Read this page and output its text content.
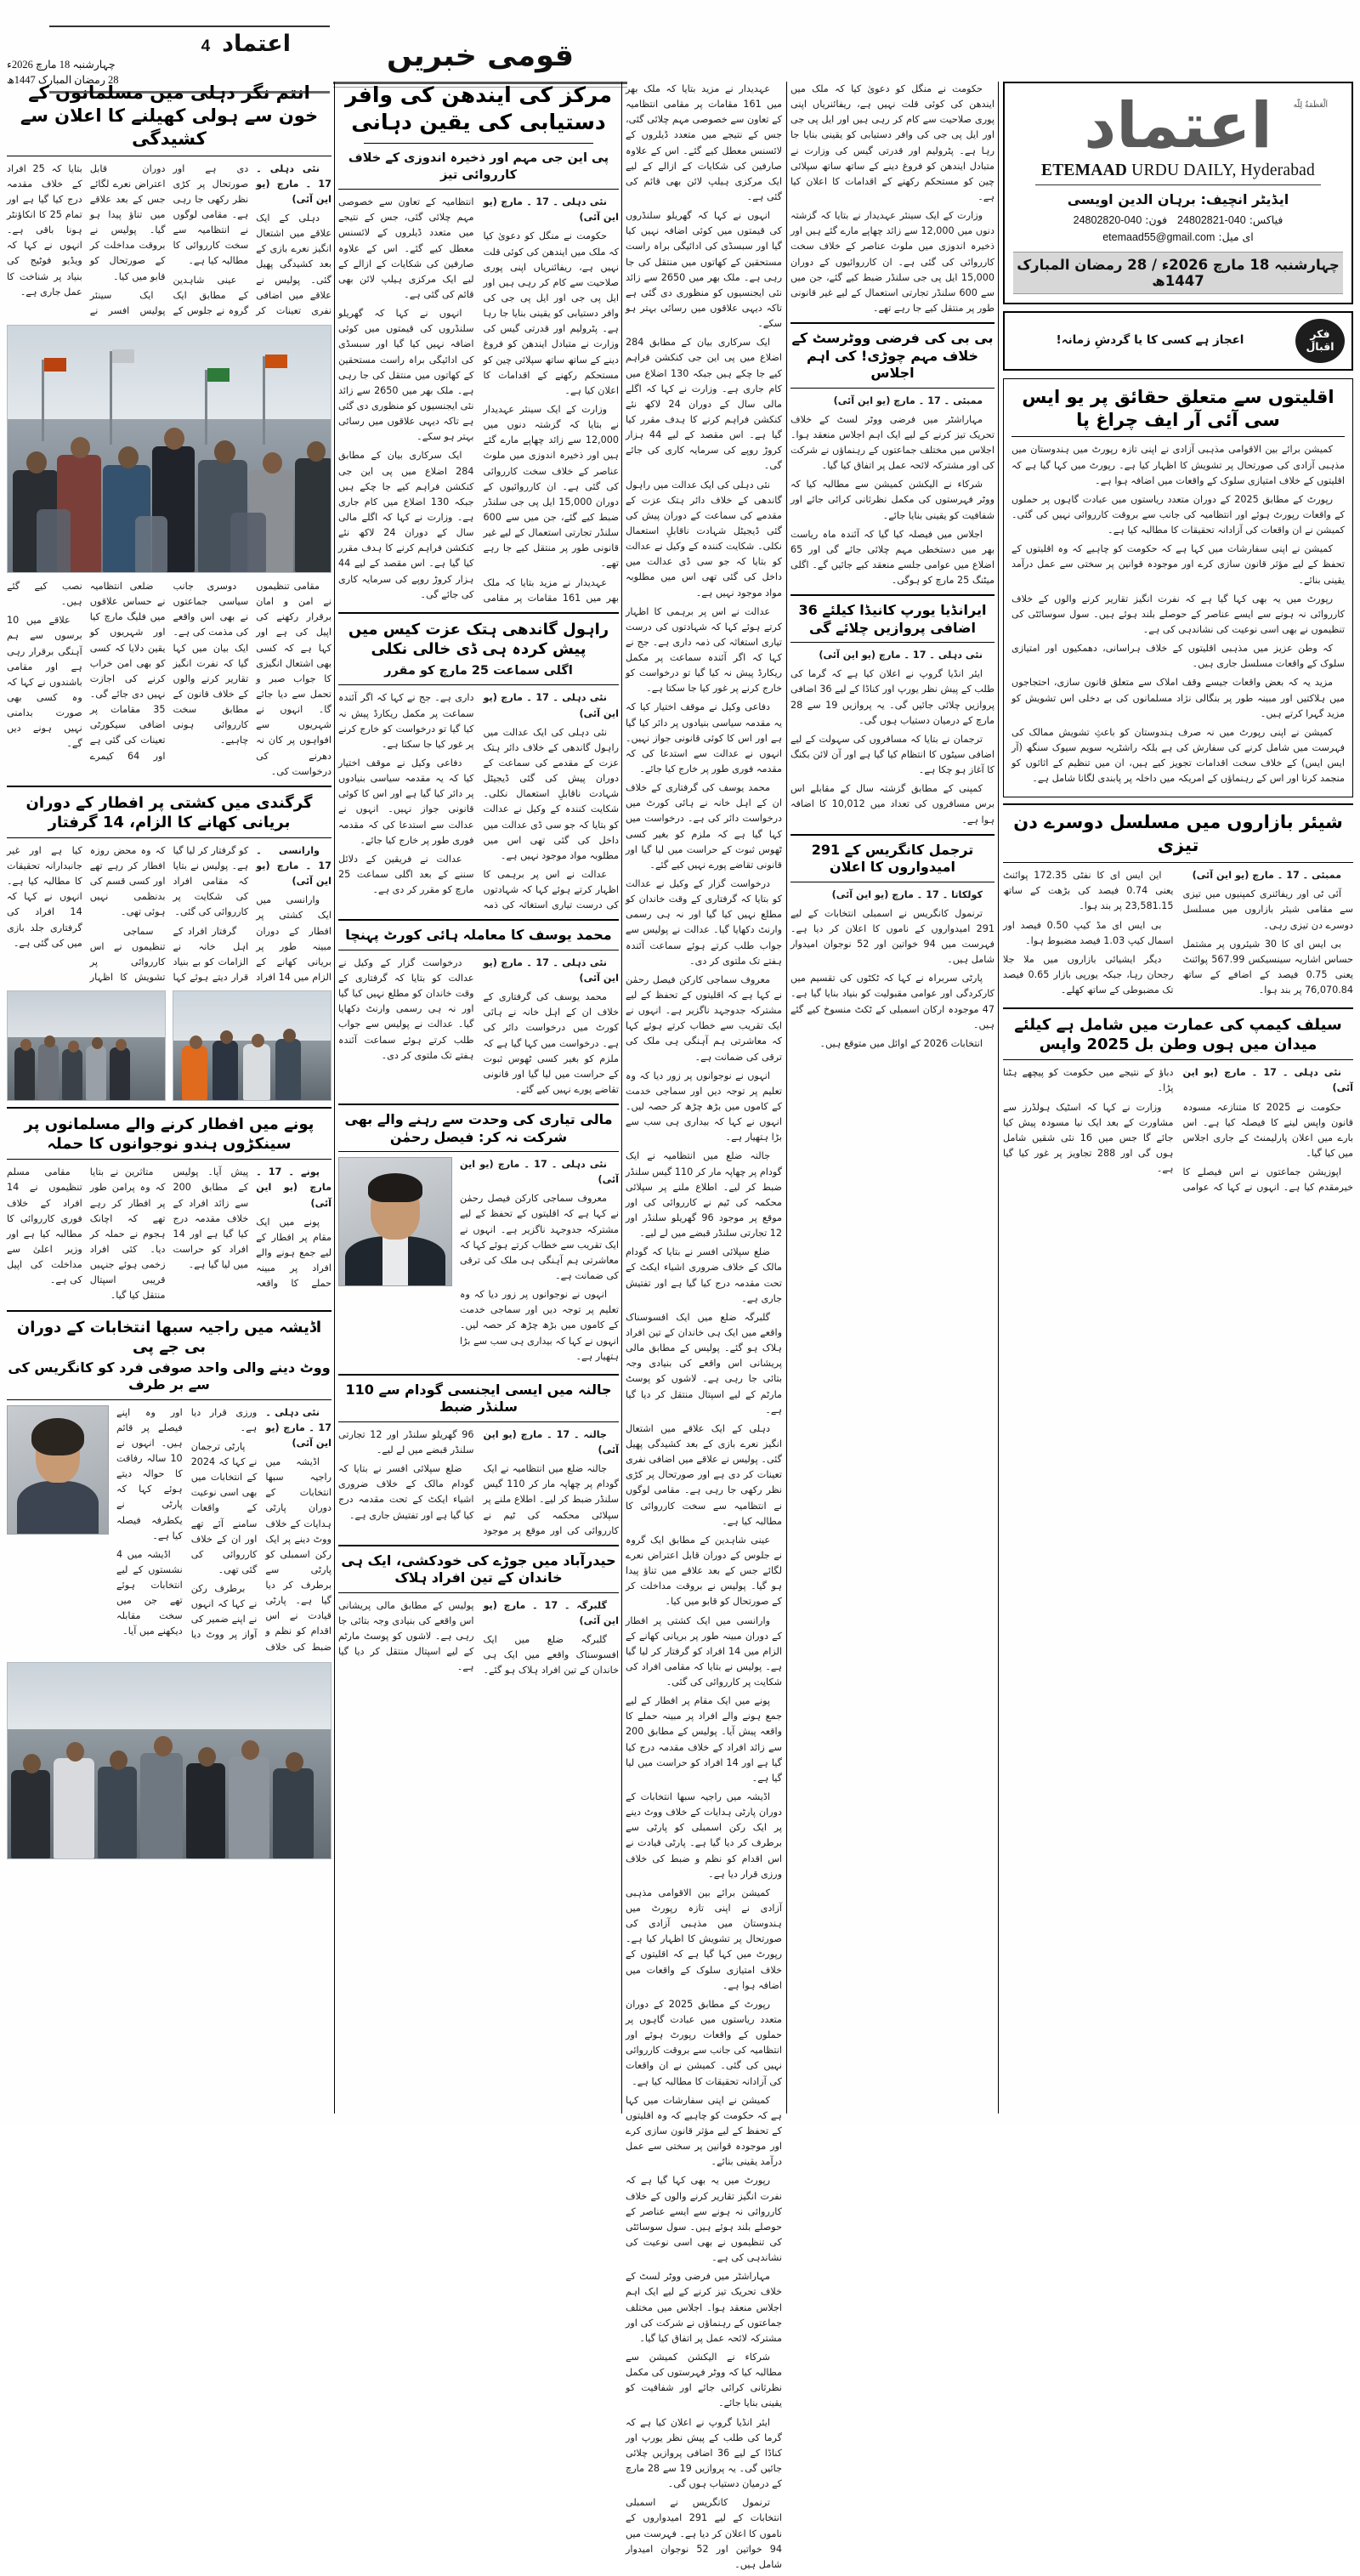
اعتماد
4
چہارشنبہ 18 مارچ 2026ء
28 رمضان المبارک 1447ھ
قومی خبریں
انتم نگر دہلی میں مسلمانوں کے خون سے ہولی کھیلنے کا اعلان سے کشیدگی

نئی دہلی ۔ 17 ۔ مارچ (یو این آئی)

دہلی کے ایک علاقے میں اشتعال انگیز نعرے بازی کے بعد کشیدگی پھیل گئی۔ پولیس نے علاقے میں اضافی نفری تعینات کر دی ہے اور صورتحال پر کڑی نظر رکھی جا رہی ہے۔ مقامی لوگوں نے انتظامیہ سے سخت کارروائی کا مطالبہ کیا ہے۔

عینی شاہدین کے مطابق ایک گروہ نے جلوس کے دوران قابل اعتراض نعرے لگائے جس کے بعد علاقے میں تناؤ پیدا ہو گیا۔ پولیس نے بروقت مداخلت کر کے صورتحال کو قابو میں کیا۔

ایک سینئر پولیس افسر نے بتایا کہ 25 افراد کے خلاف مقدمہ درج کیا گیا ہے اور تمام 25 کا انکاؤنٹر ہونا باقی ہے۔ انہوں نے کہا کہ ویڈیو فوٹیج کی بنیاد پر شناخت کا عمل جاری ہے۔

مقامی تنظیموں نے امن و امان برقرار رکھنے کی اپیل کی ہے اور کہا ہے کہ کسی بھی اشتعال انگیزی کا جواب صبر و تحمل سے دیا جائے گا۔ انہوں نے شہریوں سے افواہوں پر کان نہ دھرنے کی درخواست کی۔

دوسری جانب سیاسی جماعتوں نے بھی اس واقعے کی مذمت کی ہے۔ ایک بیان میں کہا گیا کہ نفرت انگیز تقاریر کرنے والوں کے خلاف قانون کے مطابق سخت کارروائی ہونی چاہیے۔

ضلعی انتظامیہ نے حساس علاقوں میں فلیگ مارچ کیا اور شہریوں کو یقین دلایا کہ کسی کو بھی امن خراب کرنے کی اجازت نہیں دی جائے گی۔ 35 مقامات پر اضافی سیکورٹی تعینات کی گئی ہے اور 64 کیمرے نصب کیے گئے ہیں۔

علاقے میں 10 برسوں سے ہم آہنگی برقرار رہی ہے اور مقامی باشندوں نے کہا کہ وہ کسی بھی صورت بدامنی نہیں ہونے دیں گے۔

گرگندی میں کشتی پر افطار کے دوران بریانی کھانے کا الزام، 14 گرفتار

وارانسی ۔ 17 ۔ مارچ (یو این آئی)

وارانسی میں ایک کشتی پر افطار کے دوران مبینہ طور پر بریانی کھانے کے الزام میں 14 افراد کو گرفتار کر لیا گیا ہے۔ پولیس نے بتایا کہ مقامی افراد کی شکایت پر کارروائی کی گئی۔

گرفتار افراد کے اہل خانہ نے الزامات کو بے بنیاد قرار دیتے ہوئے کہا کہ وہ محض روزہ افطار کر رہے تھے اور کسی قسم کی بدنظمی نہیں ہوئی تھی۔

سماجی تنظیموں نے اس کارروائی پر تشویش کا اظہار کیا ہے اور غیر جانبدارانہ تحقیقات کا مطالبہ کیا ہے۔ انہوں نے کہا کہ 14 افراد کی گرفتاری جلد بازی میں کی گئی ہے۔

پونے میں افطار کرنے والے مسلمانوں پر سینکڑوں ہندو نوجوانوں کا حملہ

پونے ۔ 17 ۔ مارچ (یو این آئی)

پونے میں ایک مقام پر افطار کے لیے جمع ہونے والے افراد پر مبینہ حملے کا واقعہ پیش آیا۔ پولیس کے مطابق 200 سے زائد افراد کے خلاف مقدمہ درج کیا گیا ہے اور 14 افراد کو حراست میں لیا گیا ہے۔

متاثرین نے بتایا کہ وہ پرامن طور پر افطار کر رہے تھے کہ اچانک ہجوم نے حملہ کر دیا۔ کئی افراد زخمی ہوئے جنہیں قریبی اسپتال منتقل کیا گیا۔

مقامی مسلم تنظیموں نے 14 افراد کے خلاف فوری کارروائی کا مطالبہ کیا ہے اور وزیر اعلیٰ سے مداخلت کی اپیل کی ہے۔

اڈیشہ میں راجیہ سبھا انتخابات کے دوران بی جے پی
ووٹ دینے والی واحد صوفی فرد کو کانگریس کی سے بر طرف

نئی دہلی ۔ 17 ۔ مارچ (یو این آئی)

اڈیشہ میں راجیہ سبھا انتخابات کے دوران پارٹی ہدایات کے خلاف ووٹ دینے پر ایک رکن اسمبلی کو پارٹی سے برطرف کر دیا گیا ہے۔ پارٹی قیادت نے اس اقدام کو نظم و ضبط کی خلاف ورزی قرار دیا ہے۔

پارٹی ترجمان نے کہا کہ 2024 کے انتخابات میں بھی اسی نوعیت کے واقعات سامنے آئے تھے اور ان کے خلاف کارروائی کی گئی تھی۔

برطرف رکن نے کہا کہ انہوں نے اپنے ضمیر کی آواز پر ووٹ دیا اور وہ اپنے فیصلے پر قائم ہیں۔ انہوں نے 10 سالہ رفاقت کا حوالہ دیتے ہوئے کہا کہ پارٹی نے یکطرفہ فیصلہ کیا ہے۔

اڈیشہ میں 4 نشستوں کے لیے انتخابات ہوئے تھے جن میں سخت مقابلہ دیکھنے میں آیا۔

مرکز کی ایندھن کی وافر دستیابی کی یقین دہانی
پی این جی مہم اور ذخیرہ اندوزی کے خلاف کارروائی تیز

نئی دہلی ۔ 17 ۔ مارچ (یو این آئی)

حکومت نے منگل کو دعویٰ کیا کہ ملک میں ایندھن کی کوئی قلت نہیں ہے، ریفائنریاں اپنی پوری صلاحیت سے کام کر رہی ہیں اور ایل پی جی اور ایل پی جی کی وافر دستیابی کو یقینی بنایا جا رہا ہے۔ پٹرولیم اور قدرتی گیس کی وزارت نے متبادل ایندھن کو فروغ دینے کے ساتھ ساتھ سپلائی چین کو مستحکم رکھنے کے اقدامات کا اعلان کیا ہے۔

وزارت کے ایک سینئر عہدیدار نے بتایا کہ گزشتہ دنوں میں 12,000 سے زائد چھاپے مارے گئے ہیں اور ذخیرہ اندوزی میں ملوث عناصر کے خلاف سخت کارروائی کی گئی ہے۔ ان کارروائیوں کے دوران 15,000 ایل پی جی سلنڈر ضبط کیے گئے، جن میں سے 600 سلنڈر تجارتی استعمال کے لیے غیر قانونی طور پر منتقل کیے جا رہے تھے۔

عہدیدار نے مزید بتایا کہ ملک بھر میں 161 مقامات پر مقامی انتظامیہ کے تعاون سے خصوصی مہم چلائی گئی، جس کے نتیجے میں متعدد ڈیلروں کے لائسنس معطل کیے گئے۔ اس کے علاوہ صارفین کی شکایات کے ازالے کے لیے ایک مرکزی ہیلپ لائن بھی قائم کی گئی ہے۔

انہوں نے کہا کہ گھریلو سلنڈروں کی قیمتوں میں کوئی اضافہ نہیں کیا گیا اور سبسڈی کی ادائیگی براہ راست مستحقین کے کھاتوں میں منتقل کی جا رہی ہے۔ ملک بھر میں 2650 سے زائد نئی ایجنسیوں کو منظوری دی گئی ہے تاکہ دیہی علاقوں میں رسائی بہتر ہو سکے۔

ایک سرکاری بیان کے مطابق 284 اضلاع میں پی این جی کنکشن فراہم کیے جا چکے ہیں جبکہ 130 اضلاع میں کام جاری ہے۔ وزارت نے کہا کہ اگلے مالی سال کے دوران 24 لاکھ نئے کنکشن فراہم کرنے کا ہدف مقرر کیا گیا ہے۔ اس مقصد کے لیے 44 ہزار کروڑ روپے کی سرمایہ کاری کی جائے گی۔

راہول گاندھی ہتک عزت کیس میں پیش کردہ ہی ڈی خالی نکلی
اگلی سماعت 25 مارچ کو مقرر

نئی دہلی ۔ 17 ۔ مارچ (یو این آئی)

نئی دہلی کی ایک عدالت میں راہول گاندھی کے خلاف دائر ہتک عزت کے مقدمے کی سماعت کے دوران پیش کی گئی ڈیجیٹل شہادت ناقابلِ استعمال نکلی۔ شکایت کنندہ کے وکیل نے عدالت کو بتایا کہ جو سی ڈی عدالت میں داخل کی گئی تھی اس میں مطلوبہ مواد موجود نہیں ہے۔

عدالت نے اس پر برہمی کا اظہار کرتے ہوئے کہا کہ شہادتوں کی درست تیاری استغاثہ کی ذمہ داری ہے۔ جج نے کہا کہ اگر آئندہ سماعت پر مکمل ریکارڈ پیش نہ کیا گیا تو درخواست کو خارج کرنے پر غور کیا جا سکتا ہے۔

دفاعی وکیل نے موقف اختیار کیا کہ یہ مقدمہ سیاسی بنیادوں پر دائر کیا گیا ہے اور اس کا کوئی قانونی جواز نہیں۔ انہوں نے عدالت سے استدعا کی کہ مقدمہ فوری طور پر خارج کیا جائے۔

عدالت نے فریقین کے دلائل سننے کے بعد اگلی سماعت 25 مارچ کو مقرر کر دی ہے۔

محمد یوسف کا معاملہ ہائی کورٹ پہنچا

نئی دہلی ۔ 17 ۔ مارچ (یو این آئی)

محمد یوسف کی گرفتاری کے خلاف ان کے اہل خانہ نے ہائی کورٹ میں درخواست دائر کی ہے۔ درخواست میں کہا گیا ہے کہ ملزم کو بغیر کسی ٹھوس ثبوت کے حراست میں لیا گیا اور قانونی تقاضے پورے نہیں کیے گئے۔

درخواست گزار کے وکیل نے عدالت کو بتایا کہ گرفتاری کے وقت خاندان کو مطلع نہیں کیا گیا اور نہ ہی رسمی وارنٹ دکھایا گیا۔ عدالت نے پولیس سے جواب طلب کرتے ہوئے سماعت آئندہ ہفتے تک ملتوی کر دی۔

مالی تیاری کی وحدت سے رہنے والے بھی شرکت نہ کر: فیصل رحمٰن

نئی دہلی ۔ 17 ۔ مارچ (یو این آئی)

معروف سماجی کارکن فیصل رحمٰن نے کہا ہے کہ اقلیتوں کے تحفظ کے لیے مشترکہ جدوجہد ناگزیر ہے۔ انہوں نے ایک تقریب سے خطاب کرتے ہوئے کہا کہ معاشرتی ہم آہنگی ہی ملک کی ترقی کی ضمانت ہے۔

انہوں نے نوجوانوں پر زور دیا کہ وہ تعلیم پر توجہ دیں اور سماجی خدمت کے کاموں میں بڑھ چڑھ کر حصہ لیں۔ انہوں نے کہا کہ بیداری ہی سب سے بڑا ہتھیار ہے۔

جالنہ میں ایسی ایجنسی گودام سے 110 سلنڈر ضبط

جالنہ ۔ 17 ۔ مارچ (یو این آئی)

جالنہ ضلع میں انتظامیہ نے ایک گودام پر چھاپہ مار کر 110 گیس سلنڈر ضبط کر لیے۔ اطلاع ملنے پر سپلائی محکمہ کی ٹیم نے کارروائی کی اور موقع پر موجود 96 گھریلو سلنڈر اور 12 تجارتی سلنڈر قبضے میں لے لیے۔

ضلع سپلائی افسر نے بتایا کہ گودام مالک کے خلاف ضروری اشیاء ایکٹ کے تحت مقدمہ درج کیا گیا ہے اور تفتیش جاری ہے۔

حیدرآباد میں جوڑے کی خودکشی، ایک ہی خاندان کے تین افراد ہلاک

گلبرگہ ۔ 17 ۔ مارچ (یو این آئی)

گلبرگہ ضلع میں ایک افسوسناک واقعے میں ایک ہی خاندان کے تین افراد ہلاک ہو گئے۔ پولیس کے مطابق مالی پریشانی اس واقعے کی بنیادی وجہ بتائی جا رہی ہے۔ لاشوں کو پوسٹ مارٹم کے لیے اسپتال منتقل کر دیا گیا ہے۔

عہدیدار نے مزید بتایا کہ ملک بھر میں 161 مقامات پر مقامی انتظامیہ کے تعاون سے خصوصی مہم چلائی گئی، جس کے نتیجے میں متعدد ڈیلروں کے لائسنس معطل کیے گئے۔ اس کے علاوہ صارفین کی شکایات کے ازالے کے لیے ایک مرکزی ہیلپ لائن بھی قائم کی گئی ہے۔

انہوں نے کہا کہ گھریلو سلنڈروں کی قیمتوں میں کوئی اضافہ نہیں کیا گیا اور سبسڈی کی ادائیگی براہ راست مستحقین کے کھاتوں میں منتقل کی جا رہی ہے۔ ملک بھر میں 2650 سے زائد نئی ایجنسیوں کو منظوری دی گئی ہے تاکہ دیہی علاقوں میں رسائی بہتر ہو سکے۔

ایک سرکاری بیان کے مطابق 284 اضلاع میں پی این جی کنکشن فراہم کیے جا چکے ہیں جبکہ 130 اضلاع میں کام جاری ہے۔ وزارت نے کہا کہ اگلے مالی سال کے دوران 24 لاکھ نئے کنکشن فراہم کرنے کا ہدف مقرر کیا گیا ہے۔ اس مقصد کے لیے 44 ہزار کروڑ روپے کی سرمایہ کاری کی جائے گی۔

نئی دہلی کی ایک عدالت میں راہول گاندھی کے خلاف دائر ہتک عزت کے مقدمے کی سماعت کے دوران پیش کی گئی ڈیجیٹل شہادت ناقابلِ استعمال نکلی۔ شکایت کنندہ کے وکیل نے عدالت کو بتایا کہ جو سی ڈی عدالت میں داخل کی گئی تھی اس میں مطلوبہ مواد موجود نہیں ہے۔

عدالت نے اس پر برہمی کا اظہار کرتے ہوئے کہا کہ شہادتوں کی درست تیاری استغاثہ کی ذمہ داری ہے۔ جج نے کہا کہ اگر آئندہ سماعت پر مکمل ریکارڈ پیش نہ کیا گیا تو درخواست کو خارج کرنے پر غور کیا جا سکتا ہے۔

دفاعی وکیل نے موقف اختیار کیا کہ یہ مقدمہ سیاسی بنیادوں پر دائر کیا گیا ہے اور اس کا کوئی قانونی جواز نہیں۔ انہوں نے عدالت سے استدعا کی کہ مقدمہ فوری طور پر خارج کیا جائے۔

محمد یوسف کی گرفتاری کے خلاف ان کے اہل خانہ نے ہائی کورٹ میں درخواست دائر کی ہے۔ درخواست میں کہا گیا ہے کہ ملزم کو بغیر کسی ٹھوس ثبوت کے حراست میں لیا گیا اور قانونی تقاضے پورے نہیں کیے گئے۔

درخواست گزار کے وکیل نے عدالت کو بتایا کہ گرفتاری کے وقت خاندان کو مطلع نہیں کیا گیا اور نہ ہی رسمی وارنٹ دکھایا گیا۔ عدالت نے پولیس سے جواب طلب کرتے ہوئے سماعت آئندہ ہفتے تک ملتوی کر دی۔

معروف سماجی کارکن فیصل رحمٰن نے کہا ہے کہ اقلیتوں کے تحفظ کے لیے مشترکہ جدوجہد ناگزیر ہے۔ انہوں نے ایک تقریب سے خطاب کرتے ہوئے کہا کہ معاشرتی ہم آہنگی ہی ملک کی ترقی کی ضمانت ہے۔

انہوں نے نوجوانوں پر زور دیا کہ وہ تعلیم پر توجہ دیں اور سماجی خدمت کے کاموں میں بڑھ چڑھ کر حصہ لیں۔ انہوں نے کہا کہ بیداری ہی سب سے بڑا ہتھیار ہے۔

جالنہ ضلع میں انتظامیہ نے ایک گودام پر چھاپہ مار کر 110 گیس سلنڈر ضبط کر لیے۔ اطلاع ملنے پر سپلائی محکمہ کی ٹیم نے کارروائی کی اور موقع پر موجود 96 گھریلو سلنڈر اور 12 تجارتی سلنڈر قبضے میں لے لیے۔

ضلع سپلائی افسر نے بتایا کہ گودام مالک کے خلاف ضروری اشیاء ایکٹ کے تحت مقدمہ درج کیا گیا ہے اور تفتیش جاری ہے۔

گلبرگہ ضلع میں ایک افسوسناک واقعے میں ایک ہی خاندان کے تین افراد ہلاک ہو گئے۔ پولیس کے مطابق مالی پریشانی اس واقعے کی بنیادی وجہ بتائی جا رہی ہے۔ لاشوں کو پوسٹ مارٹم کے لیے اسپتال منتقل کر دیا گیا ہے۔

دہلی کے ایک علاقے میں اشتعال انگیز نعرے بازی کے بعد کشیدگی پھیل گئی۔ پولیس نے علاقے میں اضافی نفری تعینات کر دی ہے اور صورتحال پر کڑی نظر رکھی جا رہی ہے۔ مقامی لوگوں نے انتظامیہ سے سخت کارروائی کا مطالبہ کیا ہے۔

عینی شاہدین کے مطابق ایک گروہ نے جلوس کے دوران قابل اعتراض نعرے لگائے جس کے بعد علاقے میں تناؤ پیدا ہو گیا۔ پولیس نے بروقت مداخلت کر کے صورتحال کو قابو میں کیا۔

وارانسی میں ایک کشتی پر افطار کے دوران مبینہ طور پر بریانی کھانے کے الزام میں 14 افراد کو گرفتار کر لیا گیا ہے۔ پولیس نے بتایا کہ مقامی افراد کی شکایت پر کارروائی کی گئی۔

پونے میں ایک مقام پر افطار کے لیے جمع ہونے والے افراد پر مبینہ حملے کا واقعہ پیش آیا۔ پولیس کے مطابق 200 سے زائد افراد کے خلاف مقدمہ درج کیا گیا ہے اور 14 افراد کو حراست میں لیا گیا ہے۔

اڈیشہ میں راجیہ سبھا انتخابات کے دوران پارٹی ہدایات کے خلاف ووٹ دینے پر ایک رکن اسمبلی کو پارٹی سے برطرف کر دیا گیا ہے۔ پارٹی قیادت نے اس اقدام کو نظم و ضبط کی خلاف ورزی قرار دیا ہے۔

کمیشن برائے بین الاقوامی مذہبی آزادی نے اپنی تازہ رپورٹ میں ہندوستان میں مذہبی آزادی کی صورتحال پر تشویش کا اظہار کیا ہے۔ رپورٹ میں کہا گیا ہے کہ اقلیتوں کے خلاف امتیازی سلوک کے واقعات میں اضافہ ہوا ہے۔

رپورٹ کے مطابق 2025 کے دوران متعدد ریاستوں میں عبادت گاہوں پر حملوں کے واقعات رپورٹ ہوئے اور انتظامیہ کی جانب سے بروقت کارروائی نہیں کی گئی۔ کمیشن نے ان واقعات کی آزادانہ تحقیقات کا مطالبہ کیا ہے۔

کمیشن نے اپنی سفارشات میں کہا ہے کہ حکومت کو چاہیے کہ وہ اقلیتوں کے تحفظ کے لیے مؤثر قانون سازی کرے اور موجودہ قوانین پر سختی سے عمل درآمد یقینی بنائے۔

رپورٹ میں یہ بھی کہا گیا ہے کہ نفرت انگیز تقاریر کرنے والوں کے خلاف کارروائی نہ ہونے سے ایسے عناصر کے حوصلے بلند ہوئے ہیں۔ سول سوسائٹی کی تنظیموں نے بھی اسی نوعیت کی نشاندہی کی ہے۔

مہاراشٹر میں فرضی ووٹر لسٹ کے خلاف تحریک تیز کرنے کے لیے ایک اہم اجلاس منعقد ہوا۔ اجلاس میں مختلف جماعتوں کے رہنماؤں نے شرکت کی اور مشترکہ لائحہ عمل پر اتفاق کیا گیا۔

شرکاء نے الیکشن کمیشن سے مطالبہ کیا کہ ووٹر فہرستوں کی مکمل نظرثانی کرائی جائے اور شفافیت کو یقینی بنایا جائے۔

ایئر انڈیا گروپ نے اعلان کیا ہے کہ گرما کی طلب کے پیش نظر یورپ اور کناڈا کے لیے 36 اضافی پروازیں چلائی جائیں گی۔ یہ پروازیں 19 سے 28 مارچ کے درمیان دستیاب ہوں گی۔

ترنمول کانگریس نے اسمبلی انتخابات کے لیے 291 امیدواروں کے ناموں کا اعلان کر دیا ہے۔ فہرست میں 94 خواتین اور 52 نوجوان امیدوار شامل ہیں۔

حکومت نے منگل کو دعویٰ کیا کہ ملک میں ایندھن کی کوئی قلت نہیں ہے، ریفائنریاں اپنی پوری صلاحیت سے کام کر رہی ہیں اور ایل پی جی اور ایل پی جی کی وافر دستیابی کو یقینی بنایا جا رہا ہے۔ پٹرولیم اور قدرتی گیس کی وزارت نے متبادل ایندھن کو فروغ دینے کے ساتھ ساتھ سپلائی چین کو مستحکم رکھنے کے اقدامات کا اعلان کیا ہے۔

وزارت کے ایک سینئر عہدیدار نے بتایا کہ گزشتہ دنوں میں 12,000 سے زائد چھاپے مارے گئے ہیں اور ذخیرہ اندوزی میں ملوث عناصر کے خلاف سخت کارروائی کی گئی ہے۔ ان کارروائیوں کے دوران 15,000 ایل پی جی سلنڈر ضبط کیے گئے، جن میں سے 600 سلنڈر تجارتی استعمال کے لیے غیر قانونی طور پر منتقل کیے جا رہے تھے۔

بی بی کی فرضی ووٹرسٹ کے خلاف مہم چوڑی! کی اہم اجلاس

ممبئی ۔ 17 ۔ مارچ (یو این آئی)

مہاراشٹر میں فرضی ووٹر لسٹ کے خلاف تحریک تیز کرنے کے لیے ایک اہم اجلاس منعقد ہوا۔ اجلاس میں مختلف جماعتوں کے رہنماؤں نے شرکت کی اور مشترکہ لائحہ عمل پر اتفاق کیا گیا۔

شرکاء نے الیکشن کمیشن سے مطالبہ کیا کہ ووٹر فہرستوں کی مکمل نظرثانی کرائی جائے اور شفافیت کو یقینی بنایا جائے۔

اجلاس میں فیصلہ کیا گیا کہ آئندہ ماہ ریاست بھر میں دستخطی مہم چلائی جائے گی اور 65 اضلاع میں عوامی جلسے منعقد کیے جائیں گے۔ اگلی میٹنگ 25 مارچ کو ہوگی۔

ایرانڈیا یورپ کانیڈا کیلئے 36 اضافی پروازیں چلائے گی

نئی دہلی ۔ 17 ۔ مارچ (یو این آئی)

ایئر انڈیا گروپ نے اعلان کیا ہے کہ گرما کی طلب کے پیش نظر یورپ اور کناڈا کے لیے 36 اضافی پروازیں چلائی جائیں گی۔ یہ پروازیں 19 سے 28 مارچ کے درمیان دستیاب ہوں گی۔

ترجمان نے بتایا کہ مسافروں کی سہولت کے لیے اضافی سیٹوں کا انتظام کیا گیا ہے اور آن لائن بکنگ کا آغاز ہو چکا ہے۔

کمپنی کے مطابق گزشتہ سال کے مقابلے اس برس مسافروں کی تعداد میں 10,012 کا اضافہ ہوا ہے۔

ترجمل کانگریس کے 291 امیدواروں کا اعلان

کولکاتا ۔ 17 ۔ مارچ (یو این آئی)

ترنمول کانگریس نے اسمبلی انتخابات کے لیے 291 امیدواروں کے ناموں کا اعلان کر دیا ہے۔ فہرست میں 94 خواتین اور 52 نوجوان امیدوار شامل ہیں۔

پارٹی سربراہ نے کہا کہ ٹکٹوں کی تقسیم میں کارکردگی اور عوامی مقبولیت کو بنیاد بنایا گیا ہے۔ 47 موجودہ ارکان اسمبلی کے ٹکٹ منسوخ کیے گئے ہیں۔

انتخابات 2026 کے اوائل میں متوقع ہیں۔

اَلْعَظَمَةُ لِلّٰه
اعتماد
ETEMAAD URDU DAILY, Hyderabad
ایڈیٹر انچیف: برہان الدین اویسی
فیاکس: 040-24802821   فون: 040-24802820
ای میل: etemaad55@gmail.com
چہارشنبہ 18 مارچ 2026ء / 28 رمضان المبارک 1447ھ
فکرِ اقبال
اعجاز ہے کسی کا یا گردشِ زمانہ!
اقلیتوں سے متعلق حقائق پر یو ایس سی آئی آر ایف چراغ پا

کمیشن برائے بین الاقوامی مذہبی آزادی نے اپنی تازہ رپورٹ میں ہندوستان میں مذہبی آزادی کی صورتحال پر تشویش کا اظہار کیا ہے۔ رپورٹ میں کہا گیا ہے کہ اقلیتوں کے خلاف امتیازی سلوک کے واقعات میں اضافہ ہوا ہے۔

رپورٹ کے مطابق 2025 کے دوران متعدد ریاستوں میں عبادت گاہوں پر حملوں کے واقعات رپورٹ ہوئے اور انتظامیہ کی جانب سے بروقت کارروائی نہیں کی گئی۔ کمیشن نے ان واقعات کی آزادانہ تحقیقات کا مطالبہ کیا ہے۔

کمیشن نے اپنی سفارشات میں کہا ہے کہ حکومت کو چاہیے کہ وہ اقلیتوں کے تحفظ کے لیے مؤثر قانون سازی کرے اور موجودہ قوانین پر سختی سے عمل درآمد یقینی بنائے۔

رپورٹ میں یہ بھی کہا گیا ہے کہ نفرت انگیز تقاریر کرنے والوں کے خلاف کارروائی نہ ہونے سے ایسے عناصر کے حوصلے بلند ہوئے ہیں۔ سول سوسائٹی کی تنظیموں نے بھی اسی نوعیت کی نشاندہی کی ہے۔

کہ وطن عزیز میں مذہبی اقلیتوں کے خلاف ہراسانی، دھمکیوں اور امتیازی سلوک کے واقعات مسلسل جاری ہیں۔

مزید یہ کہ بعض واقعات جیسے وقف املاک سے متعلق قانون سازی، احتجاجوں میں ہلاکتیں اور مبینہ طور پر بنگالی نژاد مسلمانوں کی بے دخلی اس تشویش کو مزید گہرا کرتے ہیں۔

کمیشن نے اپنی رپورٹ میں نہ صرف ہندوستان کو باعثِ تشویش ممالک کی فہرست میں شامل کرنے کی سفارش کی ہے بلکہ راشٹریہ سویم سیوک سنگھ (آر ایس ایس) کے خلاف سخت اقدامات تجویز کیے ہیں، ان میں تنظیم کے اثاثوں کو منجمد کرنا اور اس کے رہنماؤں کے امریکہ میں داخلہ پر پابندی لگانا شامل ہے۔

شیئر بازاروں میں مسلسل دوسرے دن تیزی

ممبئی ۔ 17 ۔ مارچ (یو این آئی)

آئی ٹی اور ریفائنری کمپنیوں میں تیزی سے مقامی شیئر بازاروں میں مسلسل دوسرے دن تیزی رہی۔

بی ایس ای کا 30 شیئروں پر مشتمل حساس اشاریہ سینسیکس 567.99 پوائنٹ یعنی 0.75 فیصد کے اضافے کے ساتھ 76,070.84 پر بند ہوا۔

این ایس ای کا نفٹی 172.35 پوائنٹ یعنی 0.74 فیصد کی بڑھت کے ساتھ 23,581.15 پر بند ہوا۔

بی ایس ای مڈ کیپ 0.50 فیصد اور اسمال کیپ 1.03 فیصد مضبوط ہوا۔

دیگر ایشیائی بازاروں میں ملا جلا رجحان رہا، جبکہ یورپی بازار 0.65 فیصد تک مضبوطی کے ساتھ کھلے۔

سیلف کیمپ کی عمارت میں شامل ہے کیلئے میدان میں ہوں وطن بل 2025 واپس

نئی دہلی ۔ 17 ۔ مارچ (یو این آئی)

حکومت نے 2025 کا متنازعہ مسودہ قانون واپس لینے کا فیصلہ کیا ہے۔ اس بارے میں اعلان پارلیمنٹ کے جاری اجلاس میں کیا گیا۔

اپوزیشن جماعتوں نے اس فیصلے کا خیرمقدم کیا ہے۔ انہوں نے کہا کہ عوامی دباؤ کے نتیجے میں حکومت کو پیچھے ہٹنا پڑا۔

وزارت نے کہا کہ اسٹیک ہولڈرز سے مشاورت کے بعد ایک نیا مسودہ پیش کیا جائے گا جس میں 16 نئی شقیں شامل ہوں گی اور 288 تجاویز پر غور کیا گیا ہے۔
